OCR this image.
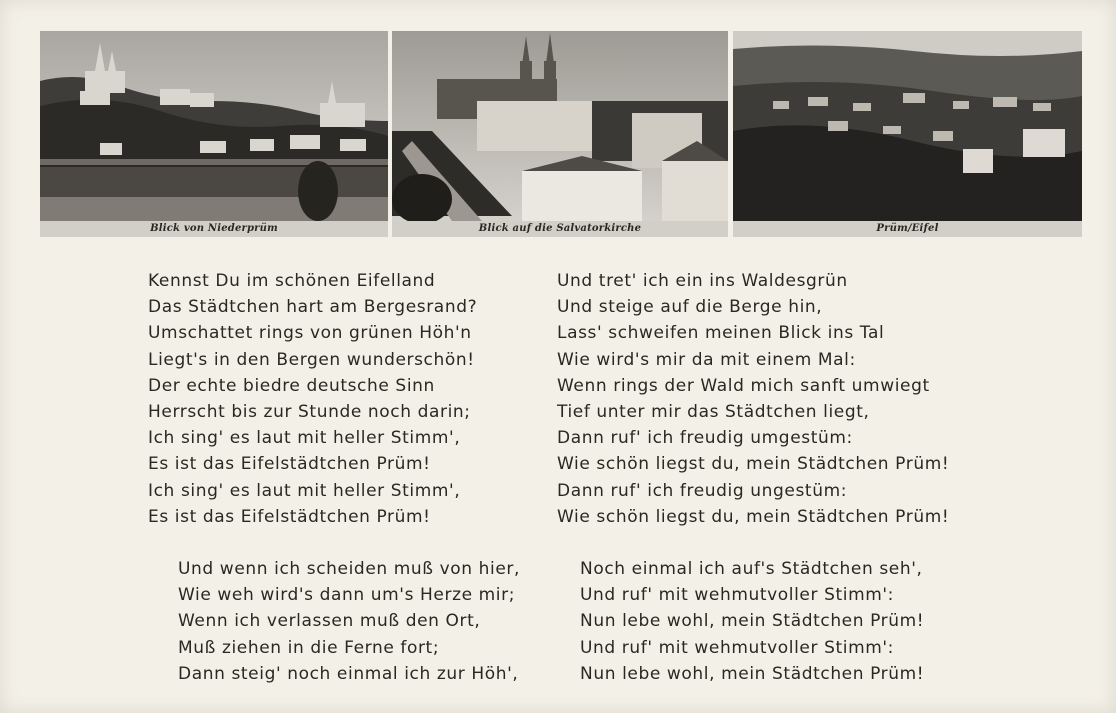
Blick von Niederprüm	Blick auf die Salvatorkirche	Prüm/Eifel
Kennst Du im schönen Eifelland
Das Städtchen hart am Bergesrand?
Umschattet rings von grünen Höh'n
Liegt's in den Bergen wunderschön!
Der echte biedre deutsche Sinn
Herrscht bis zur Stunde noch darin;
Ich sing' es laut mit heller Stimm',
Es ist das Eifelstädtchen Prüm!
Ich sing' es laut mit heller Stimm',
Es ist das Eifelstädtchen Prüm!
Und tret' ich ein ins Waldesgrün
Und steige auf die Berge hin,
Lass' schweifen meinen Blick ins Tal
Wie wird's mir da mit einem Mal:
Wenn rings der Wald mich sanft umwiegt
Tief unter mir das Städtchen liegt,
Dann ruf' ich freudig umgestüm:
Wie schön liegst du, mein Städtchen Prüm!
Dann ruf' ich freudig ungestüm:
Wie schön liegst du, mein Städtchen Prüm!
Und wenn ich scheiden muß von hier,
Wie weh wird's dann um's Herze mir;
Wenn ich verlassen muß den Ort,
Muß ziehen in die Ferne fort;
Dann steig' noch einmal ich zur Höh',
Noch einmal ich auf's Städtchen seh',
Und ruf' mit wehmutvoller Stimm':
Nun lebe wohl, mein Städtchen Prüm!
Und ruf' mit wehmutvoller Stimm':
Nun lebe wohl, mein Städtchen Prüm!
